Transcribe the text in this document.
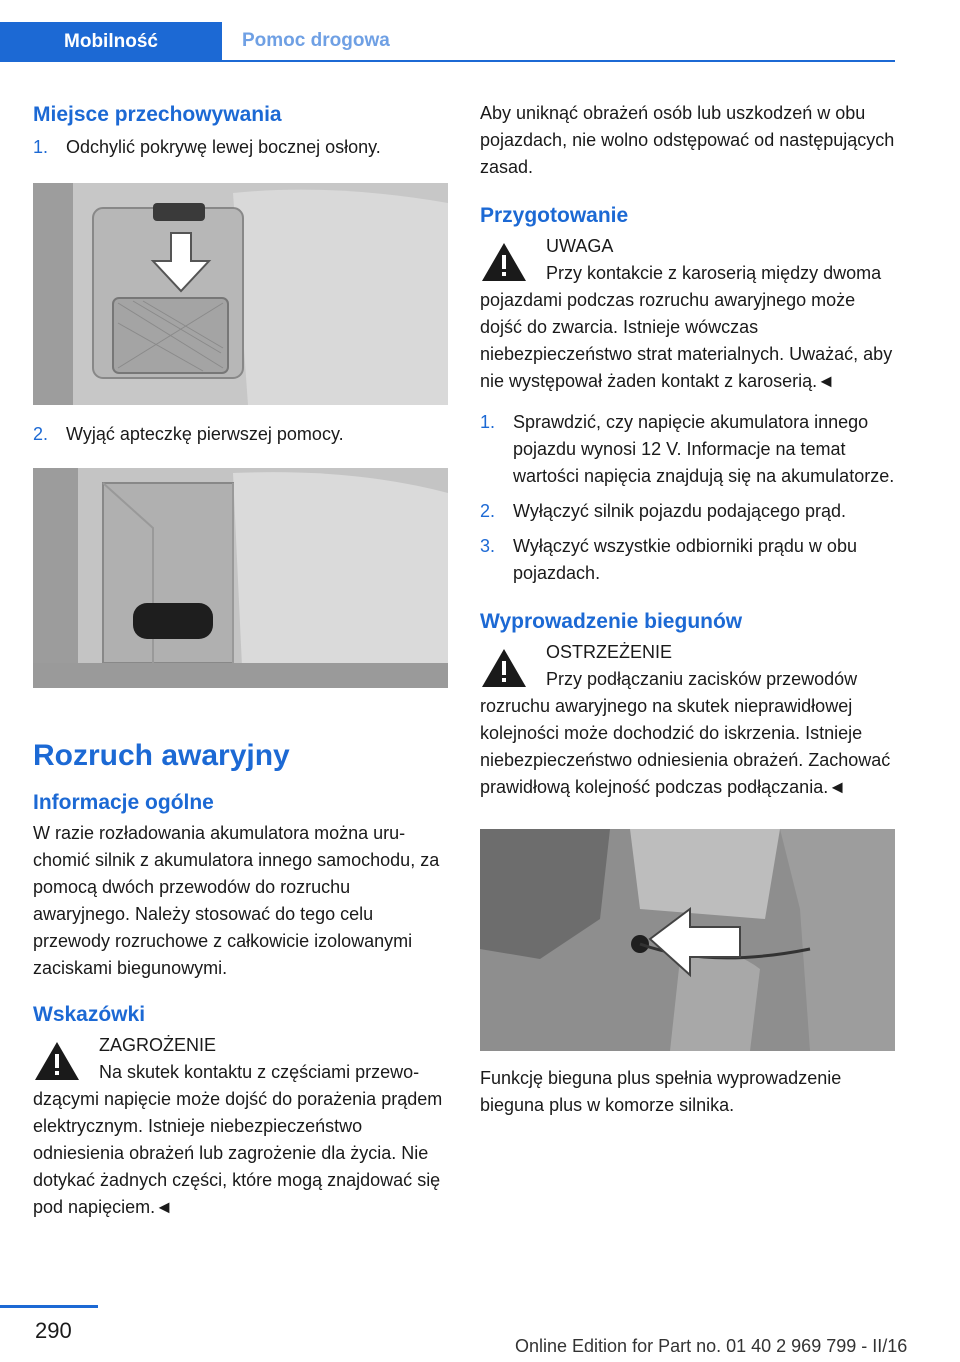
Mobilność	Pomoc drogowa
Miejsce przechowywania
1. Odchylić pokrywę lewej bocznej osłony.
2. Wyjąć apteczkę pierwszej pomocy.
Rozruch awaryjny
Informacje ogólne

W razie rozładowania akumulatora można uruchomić silnik z akumulatora innego samochodu, za pomocą dwóch przewodów do rozruchu awaryjnego. Należy stosować do tego celu przewody rozruchowe z całkowicie izolowanymi zaciskami biegunowymi.

Wskazówki
ZAGROŻENIE
Na skutek kontaktu z częściami przewodzącymi napięcie może dojść do porażenia prądem elektrycznym. Istnieje niebezpieczeństwo odniesienia obrażeń lub zagrożenie dla życia. Nie dotykać żadnych części, które mogą znajdować się pod napięciem.◄

Aby uniknąć obrażeń osób lub uszkodzeń w obu pojazdach, nie wolno odstępować od następujących zasad.

Przygotowanie
UWAGA
Przy kontakcie z karoserią między dwoma pojazdami podczas rozruchu awaryjnego może dojść do zwarcia. Istnieje wówczas niebezpieczeństwo strat materialnych. Uważać, aby nie występował żaden kontakt z karoserią.◄
1. Sprawdzić, czy napięcie akumulatora innego pojazdu wynosi 12 V. Informacje na temat wartości napięcia znajdują się na akumulatorze.
2. Wyłączyć silnik pojazdu podającego prąd.
3. Wyłączyć wszystkie odbiorniki prądu w obu pojazdach.
Wyprowadzenie biegunów
OSTRZEŻENIE
Przy podłączaniu zacisków przewodów rozruchu awaryjnego na skutek nieprawidłowej kolejności może dochodzić do iskrzenia. Istnieje niebezpieczeństwo odniesienia obrażeń. Zachować prawidłową kolejność podczas podłączania.◄

Funkcję bieguna plus spełnia wyprowadzenie bieguna plus w komorze silnika.

290
Online Edition for Part no. 01 40 2 969 799 - II/16
